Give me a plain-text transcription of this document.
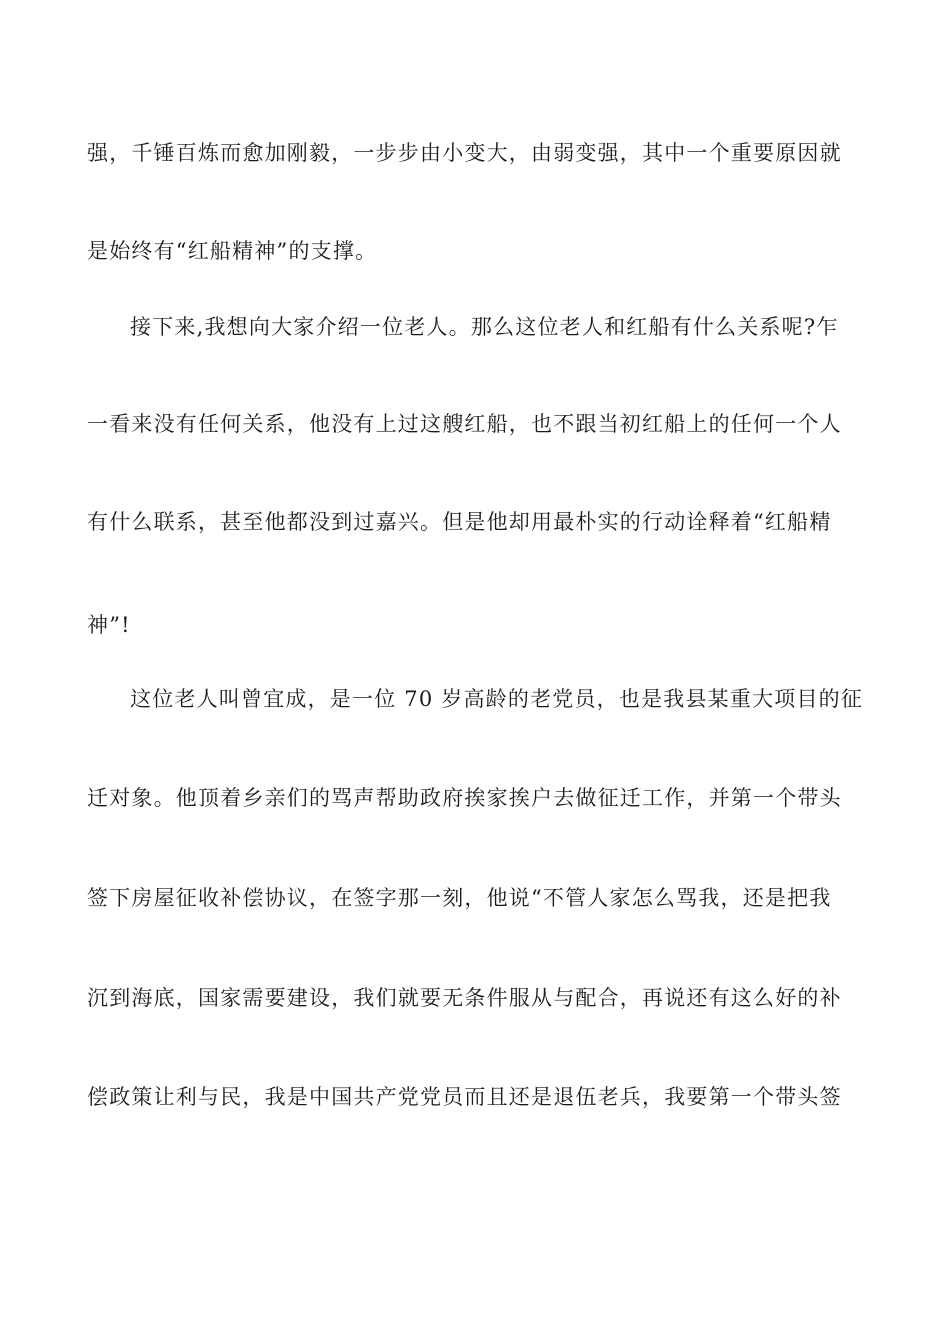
强，千锤百炼而愈加刚毅，一步步由小变大，由弱变强，其中一个重要原因就
是始终有“红船精神”的支撑。
接下来,我想向大家介绍一位老人。那么这位老人和红船有什么关系呢?乍
一看来没有任何关系，他没有上过这艘红船，也不跟当初红船上的任何一个人
有什么联系，甚至他都没到过嘉兴。但是他却用最朴实的行动诠释着“红船精
神”!
这位老人叫曾宜成，是一位 70 岁高龄的老党员，也是我县某重大项目的征
迁对象。他顶着乡亲们的骂声帮助政府挨家挨户去做征迁工作，并第一个带头
签下房屋征收补偿协议，在签字那一刻，他说“不管人家怎么骂我，还是把我
沉到海底，国家需要建设，我们就要无条件服从与配合，再说还有这么好的补
偿政策让利与民，我是中国共产党党员而且还是退伍老兵，我要第一个带头签
